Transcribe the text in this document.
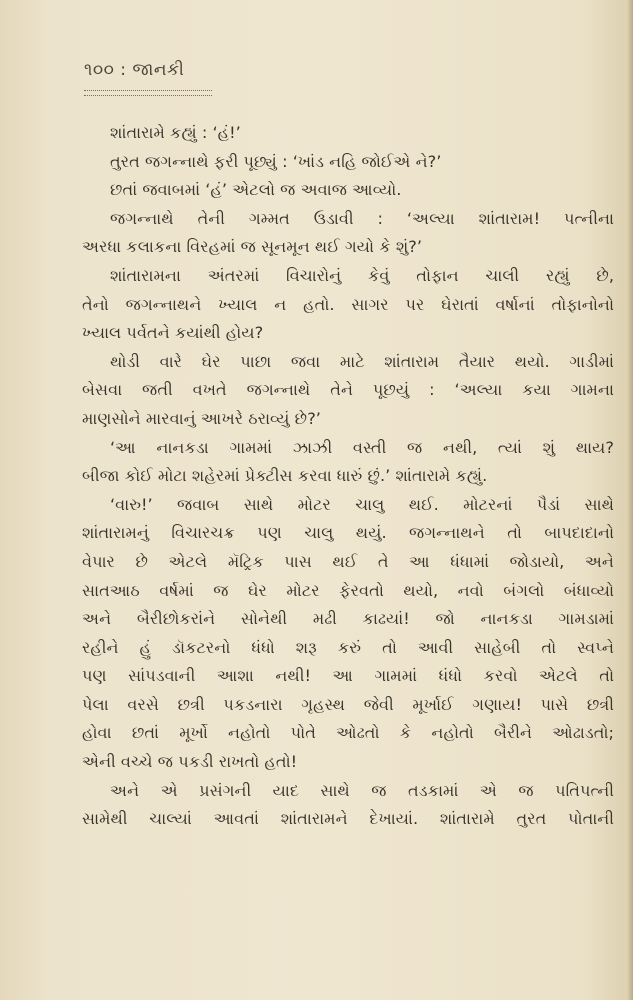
૧૦૦ : જાનકી
શાંતારામે કહ્યું : ‘હં!’
તુરત જગન્નાથે ફરી પૂછ્યું : ‘ખાંડ નહિ જોઈએ ને?’
છતાં જવાબમાં ‘હં’ એટલો જ અવાજ આવ્યો.
જગન્નાથે તેની ગમ્મત ઉડાવી : ‘અલ્યા શાંતારામ! પત્નીના
અરધા કલાકના વિરહમાં જ સૂનમૂન થઈ ગયો કે શું?’
શાંતારામના અંતરમાં વિચારોનું કેવું તોફાન ચાલી રહ્યું છે,
તેનો જગન્નાથને ખ્યાલ ન હતો. સાગર પર ઘેરાતાં વર્ષાનાં તોફાનોનો
ખ્યાલ પર્વતને કયાંથી હોય?
થોડી વારે ઘેર પાછા જવા માટે શાંતારામ તૈયાર થયો. ગાડીમાં
બેસવા જતી વખતે જગન્નાથે તેને પૂછયું : ‘અલ્યા કયા ગામના
માણસોને મારવાનું આખરે ઠરાવ્યું છે?’
‘આ નાનકડા ગામમાં ઝાઝી વસ્તી જ નથી, ત્યાં શું થાય?
બીજા કોઈ મોટા શહેરમાં પ્રેક્ટીસ કરવા ધારું છું.’ શાંતારામે કહ્યું.
‘વારુ!’ જવાબ સાથે મોટર ચાલુ થઈ. મોટરનાં પૈડાં સાથે
શાંતારામનું વિચારચક્ર પણ ચાલુ થયું. જગન્નાથને તો બાપદાદાનો
વેપાર છે એટલે મૅટ્રિક પાસ થઈ તે આ ધંધામાં જોડાયો, અને
સાતઆઠ વર્ષમાં જ ઘેર મોટર ફેરવતો થયો, નવો બંગલો બંધાવ્યો
અને બૈરીછોકરાંને સોનેથી મઢી કાઢયાં! જો નાનકડા ગામડામાં
રહીને હું ડૉકટરનો ધંધો શરૂ કરું તો આવી સાહેબી તો સ્વપ્ને
પણ સાંપડવાની આશા નથી! આ ગામમાં ધંધો કરવો એટલે તો
પેલા વરસે છત્રી પકડનારા ગૃહસ્થ જેવી મૂર્ખાઈ ગણાય! પાસે છત્રી
હોવા છતાં મૂર્ખો નહોતો પોતે ઓઢતો કે નહોતો બૈરીને ઓઢાડતો;
એની વચ્ચે જ પકડી રાખતો હતો!
અને એ પ્રસંગની યાદ સાથે જ તડકામાં એ જ પતિપત્ની
સામેથી ચાલ્યાં આવતાં શાંતારામને દેખાયાં. શાંતારામે તુરત પોતાની
